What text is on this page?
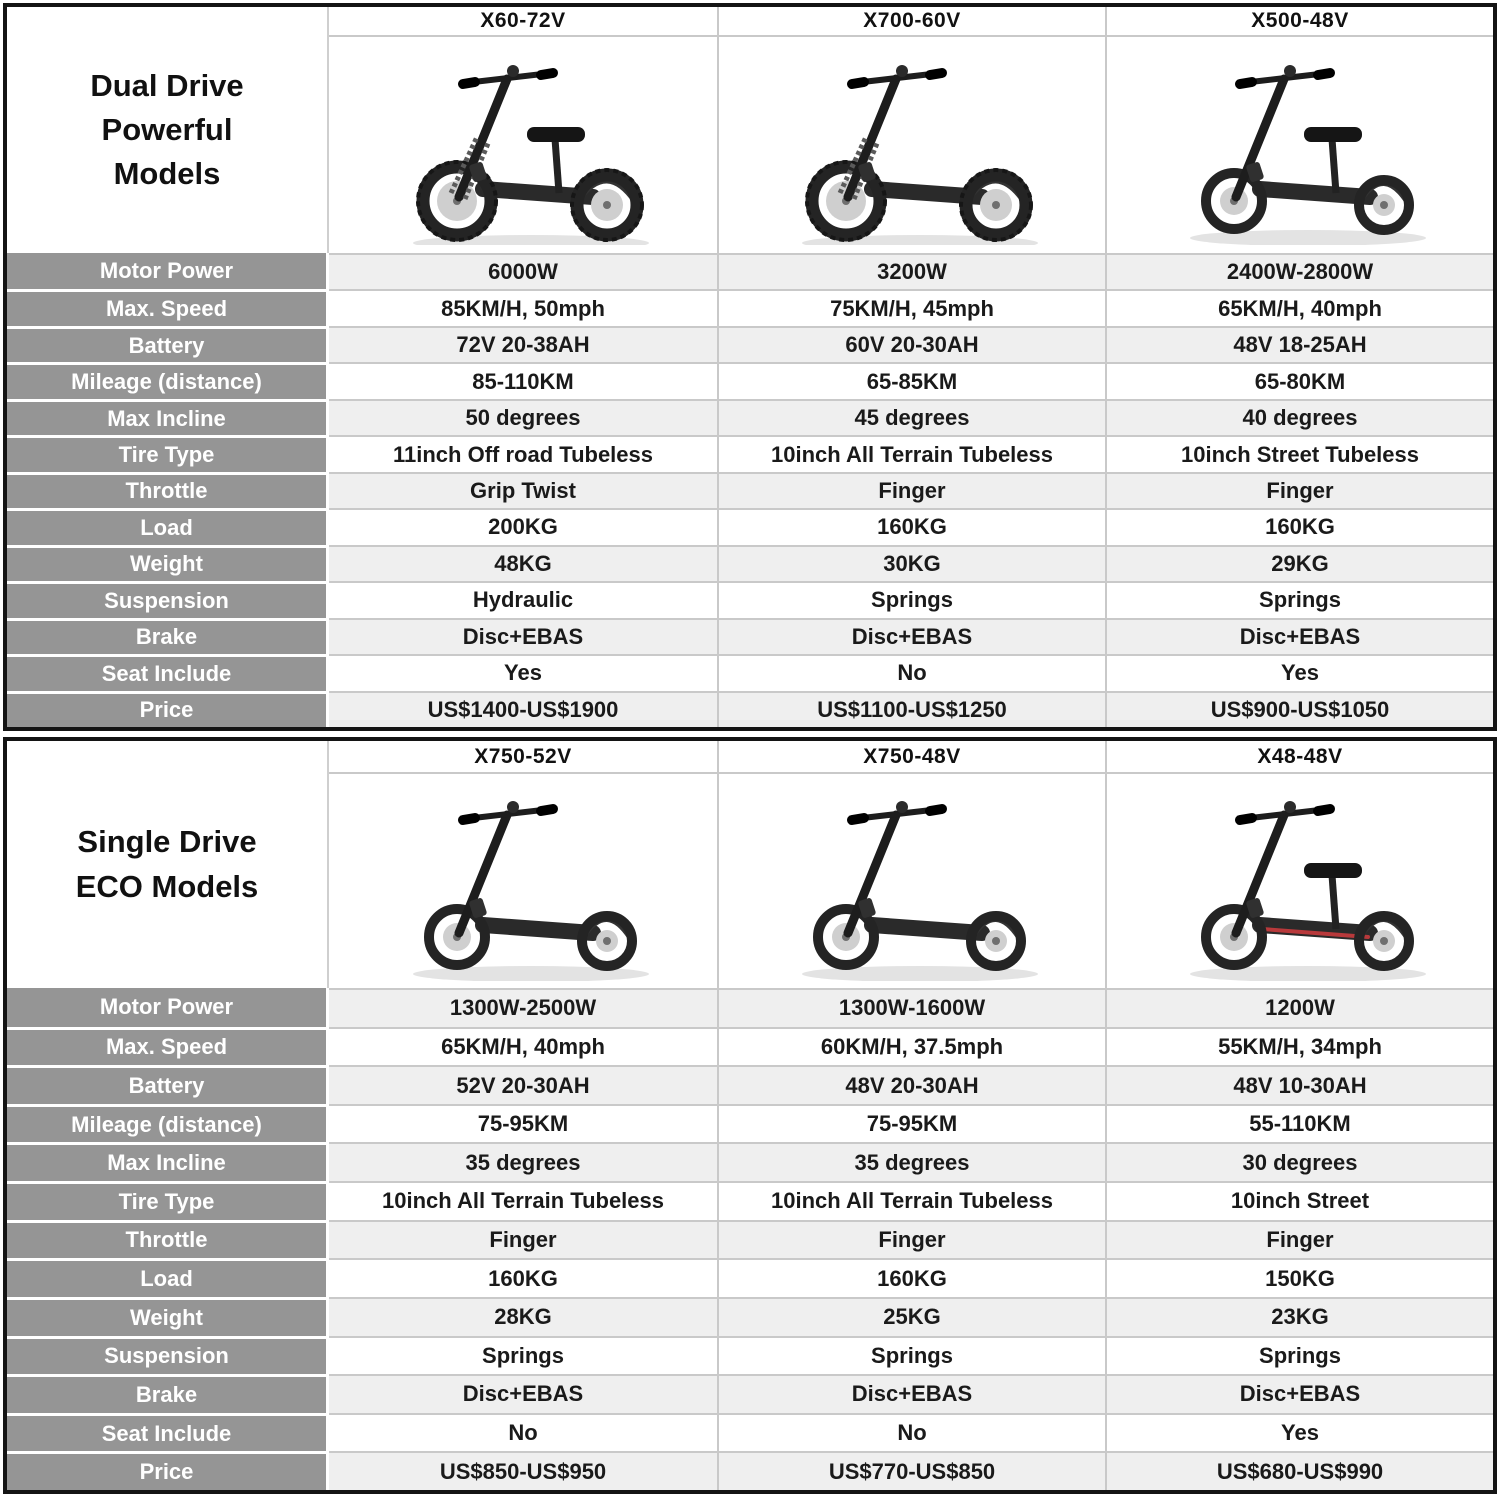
Dual Drive Powerful Models
X60-72V	X700-60V	X500-48V
Motor Power	6000W	3200W	2400W-2800W
Max. Speed	85KM/H, 50mph	75KM/H, 45mph	65KM/H, 40mph
Battery	72V 20-38AH	60V 20-30AH	48V 18-25AH
Mileage (distance)	85-110KM	65-85KM	65-80KM
Max Incline	50 degrees	45 degrees	40 degrees
Tire Type	11inch Off road Tubeless	10inch All Terrain Tubeless	10inch Street Tubeless
Throttle	Grip Twist	Finger	Finger
Load	200KG	160KG	160KG
Weight	48KG	30KG	29KG
Suspension	Hydraulic	Springs	Springs
Brake	Disc+EBAS	Disc+EBAS	Disc+EBAS
Seat Include	Yes	No	Yes
Price	US$1400-US$1900	US$1100-US$1250	US$900-US$1050
Single Drive ECO Models
X750-52V	X750-48V	X48-48V
Motor Power	1300W-2500W	1300W-1600W	1200W
Max. Speed	65KM/H, 40mph	60KM/H, 37.5mph	55KM/H, 34mph
Battery	52V 20-30AH	48V 20-30AH	48V 10-30AH
Mileage (distance)	75-95KM	75-95KM	55-110KM
Max Incline	35 degrees	35 degrees	30 degrees
Tire Type	10inch All Terrain Tubeless	10inch All Terrain Tubeless	10inch Street
Throttle	Finger	Finger	Finger
Load	160KG	160KG	150KG
Weight	28KG	25KG	23KG
Suspension	Springs	Springs	Springs
Brake	Disc+EBAS	Disc+EBAS	Disc+EBAS
Seat Include	No	No	Yes
Price	US$850-US$950	US$770-US$850	US$680-US$990
